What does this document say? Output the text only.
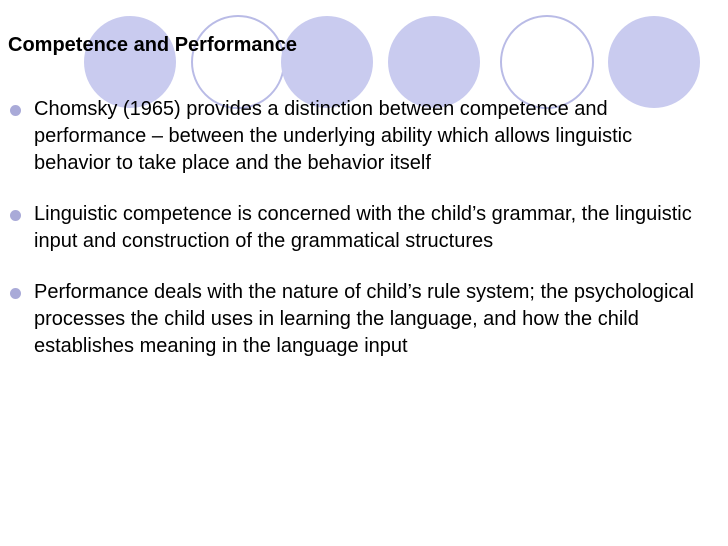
Competence and Performance
Chomsky (1965) provides a distinction between competence and performance – between the underlying ability which allows linguistic behavior to take place and the behavior itself
Linguistic competence is concerned with the child’s grammar, the linguistic input and construction of the grammatical structures
Performance deals with the nature of child’s rule system; the psychological processes the child uses in learning the language, and how the child establishes meaning in the language input
